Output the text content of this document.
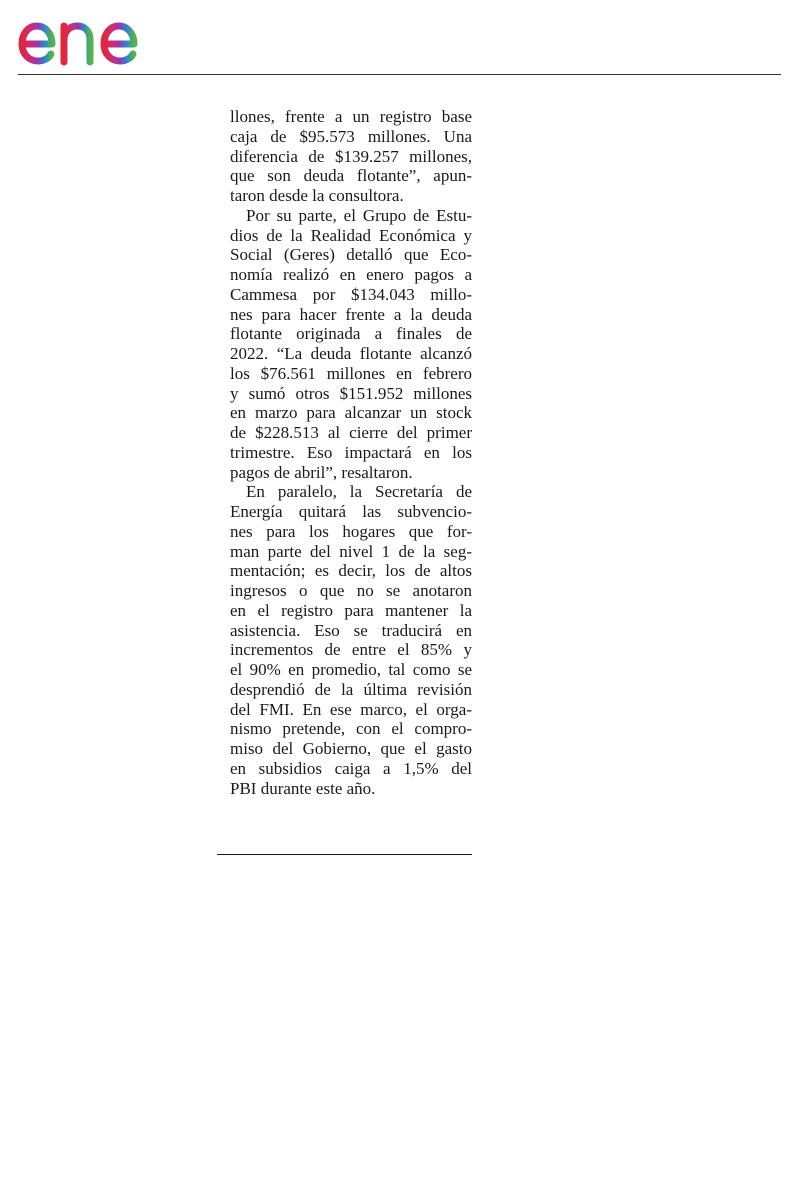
llones, frente a un registro base
caja de $95.573 millones. Una
diferencia de $139.257 millones,
que son deuda flotante”, apun-
taron desde la consultora.

Por su parte, el Grupo de Estu-
dios de la Realidad Económica y
Social (Geres) detalló que Eco-
nomía realizó en enero pagos a
Cammesa por $134.043 millo-
nes para hacer frente a la deuda
flotante originada a finales de
2022. “La deuda flotante alcanzó
los $76.561 millones en febrero
y sumó otros $151.952 millones
en marzo para alcanzar un stock
de $228.513 al cierre del primer
trimestre. Eso impactará en los
pagos de abril”, resaltaron.

En paralelo, la Secretaría de
Energía quitará las subvencio-
nes para los hogares que for-
man parte del nivel 1 de la seg-
mentación; es decir, los de altos
ingresos o que no se anotaron
en el registro para mantener la
asistencia. Eso se traducirá en
incrementos de entre el 85% y
el 90% en promedio, tal como se
desprendió de la última revisión
del FMI. En ese marco, el orga-
nismo pretende, con el compro-
miso del Gobierno, que el gasto
en subsidios caiga a 1,5% del
PBI durante este año.
